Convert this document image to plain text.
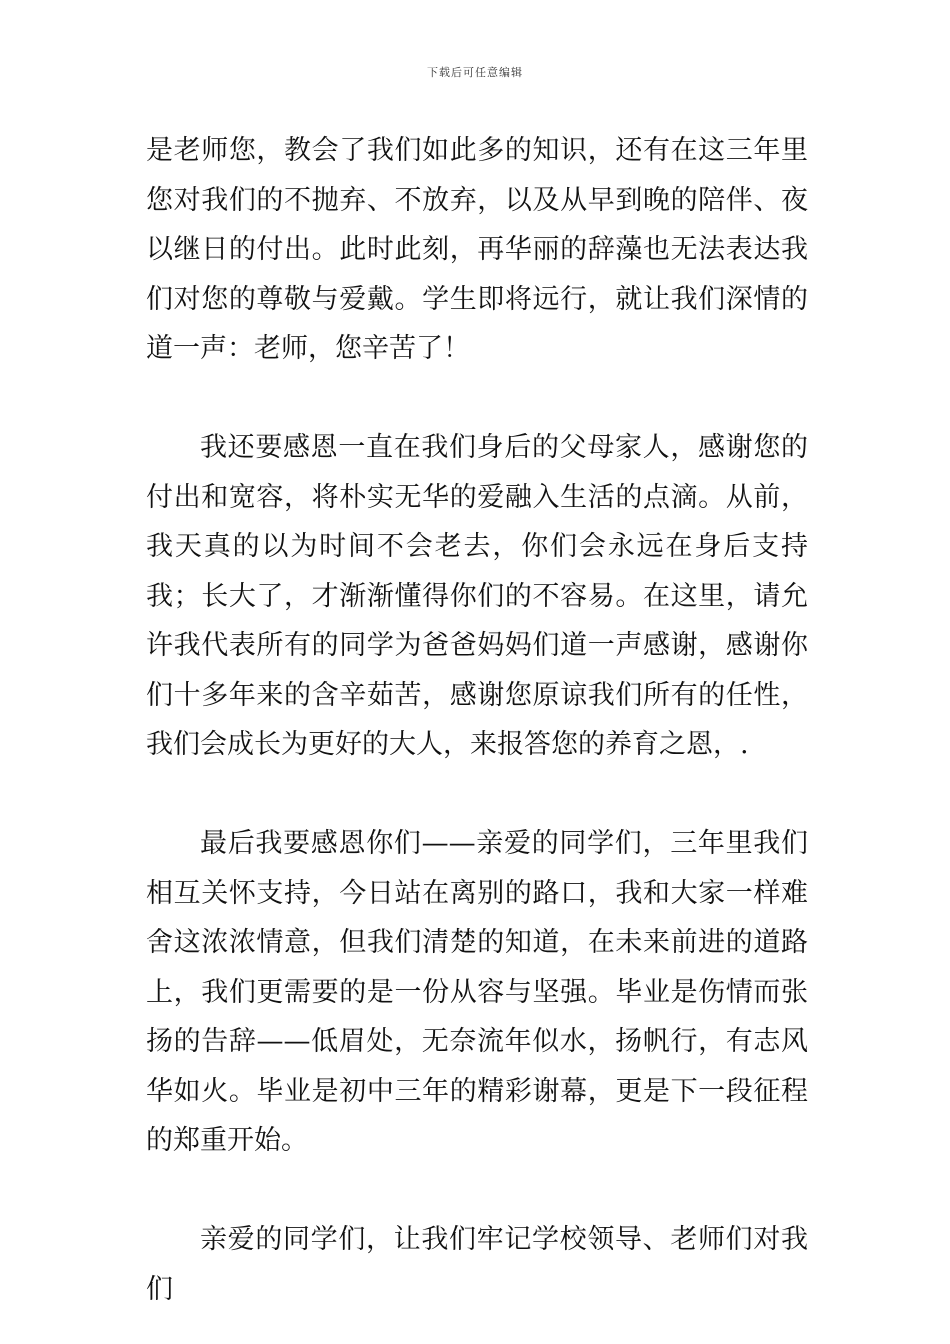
下载后可任意编辑

是老师您，教会了我们如此多的知识，还有在这三年里您对我们的不抛弃、不放弃，以及从早到晚的陪伴、夜以继日的付出。此时此刻，再华丽的辞藻也无法表达我们对您的尊敬与爱戴。学生即将远行，就让我们深情的道一声：老师，您辛苦了！

我还要感恩一直在我们身后的父母家人，感谢您的付出和宽容，将朴实无华的爱融入生活的点滴。从前，我天真的以为时间不会老去，你们会永远在身后支持我；长大了，才渐渐懂得你们的不容易。在这里，请允许我代表所有的同学为爸爸妈妈们道一声感谢，感谢你们十多年来的含辛茹苦，感谢您原谅我们所有的任性，我们会成长为更好的大人，来报答您的养育之恩，.

最后我要感恩你们——亲爱的同学们，三年里我们相互关怀支持，今日站在离别的路口，我和大家一样难舍这浓浓情意，但我们清楚的知道，在未来前进的道路上，我们更需要的是一份从容与坚强。毕业是伤情而张扬的告辞——低眉处，无奈流年似水，扬帆行，有志风华如火。毕业是初中三年的精彩谢幕，更是下一段征程的郑重开始。

亲爱的同学们，让我们牢记学校领导、老师们对我们
